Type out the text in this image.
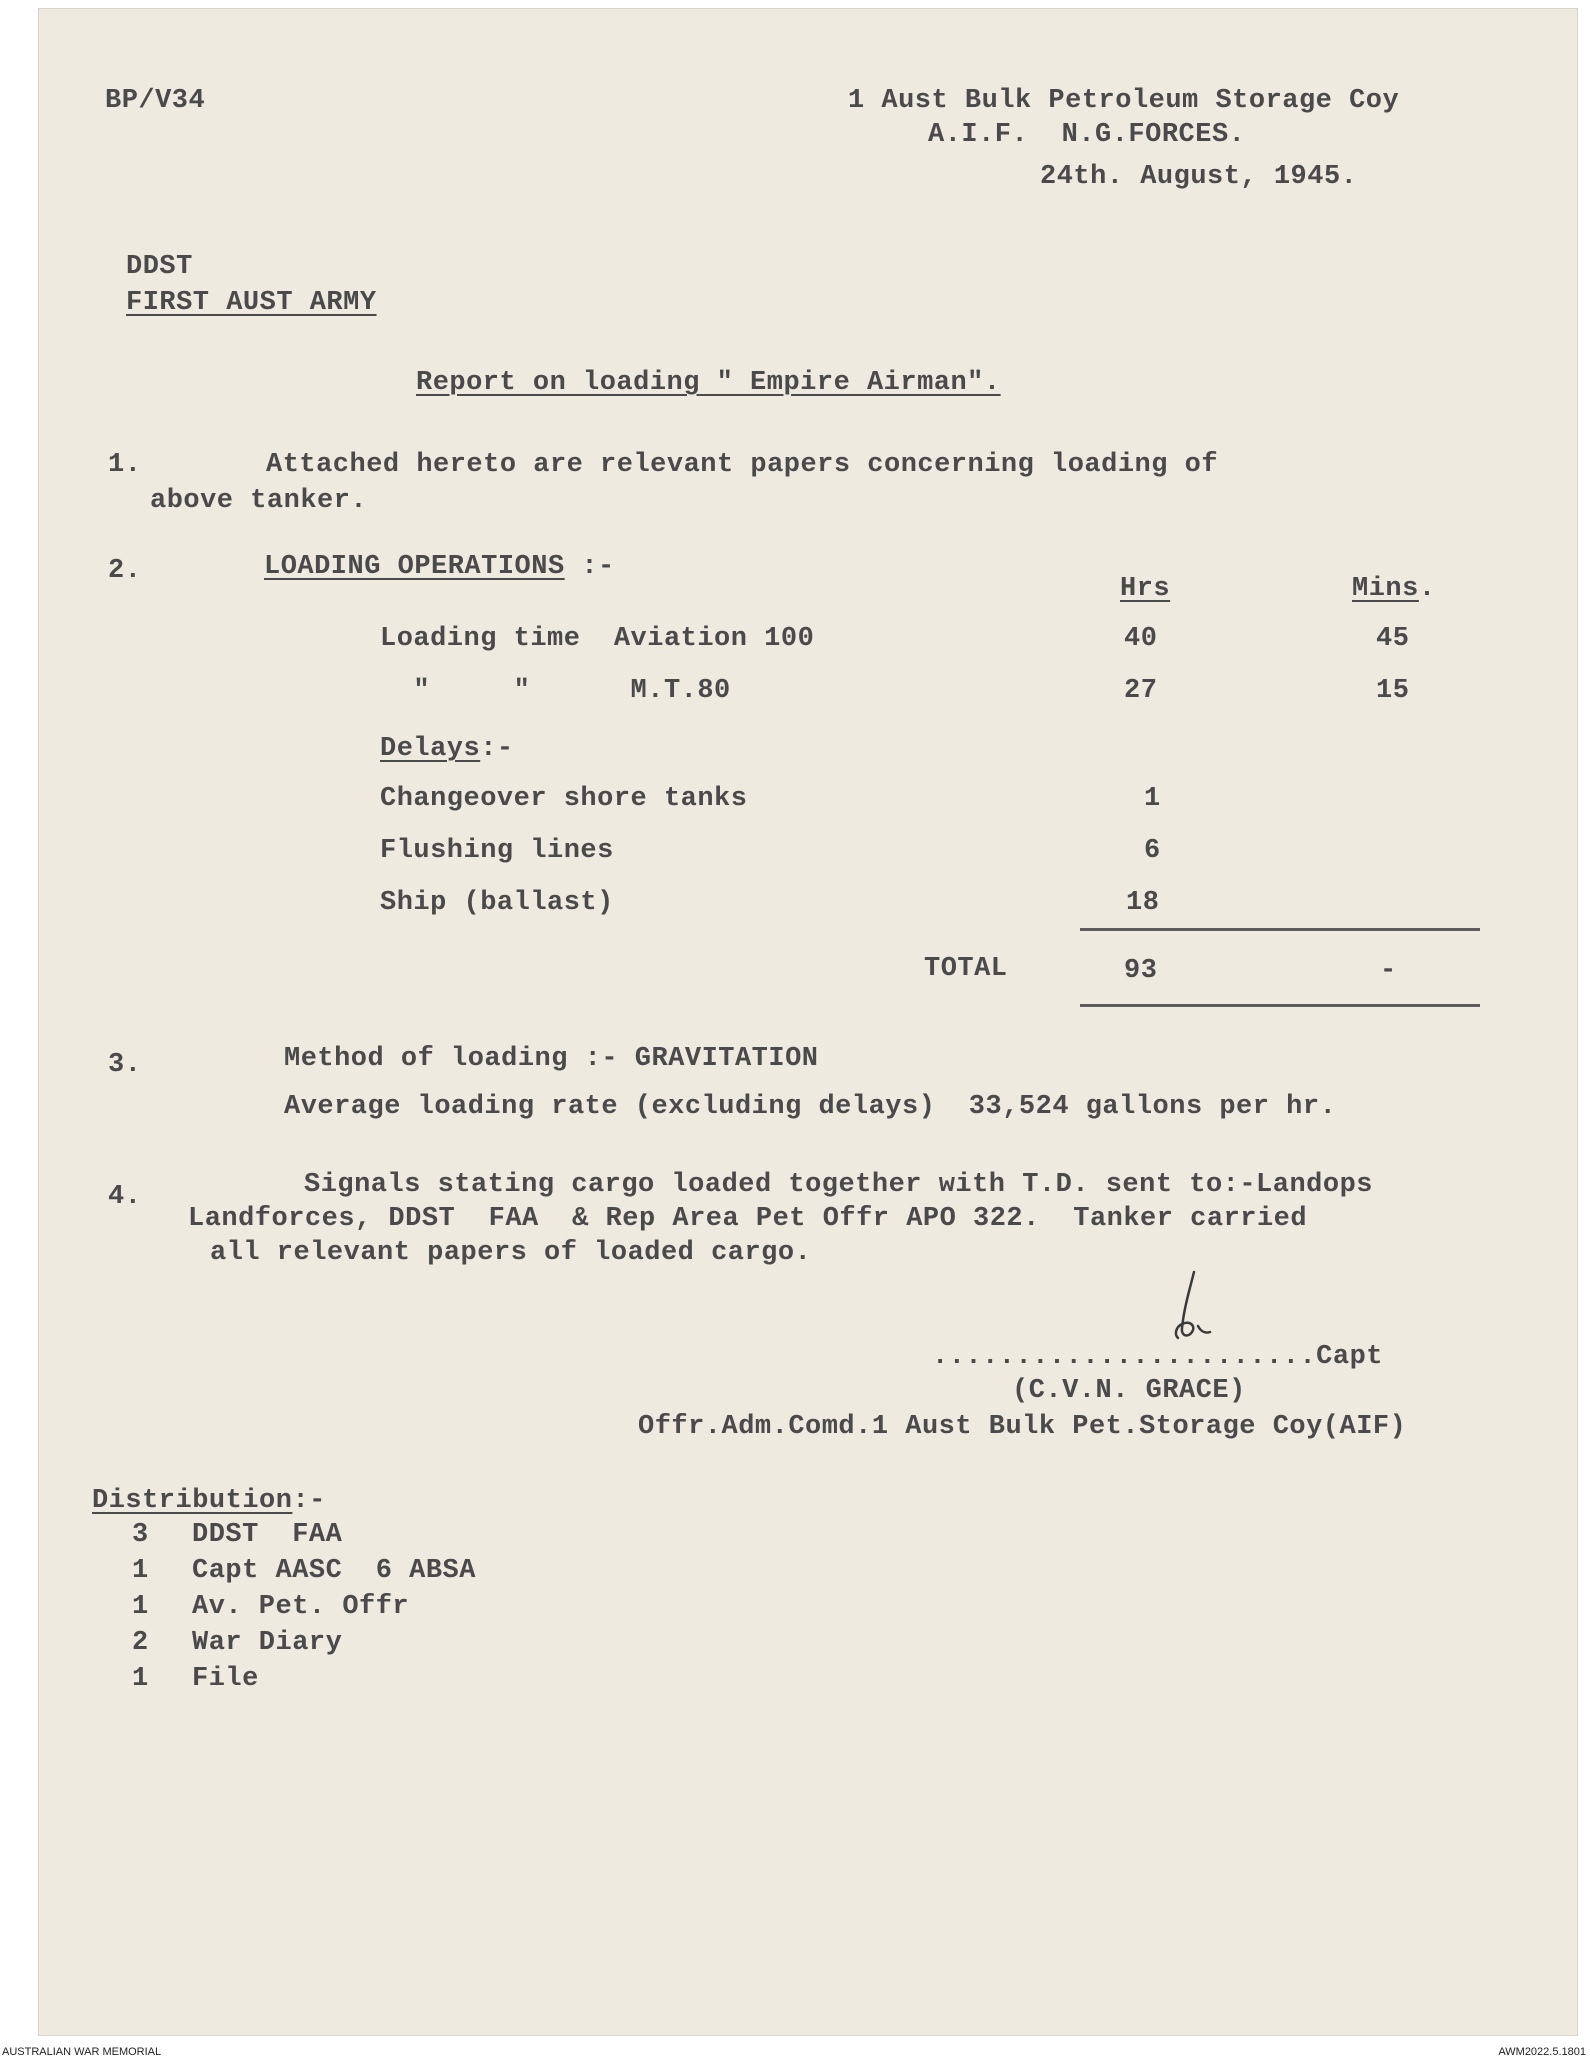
BP/V34	1 Aust Bulk Petroleum Storage Coy
A.I.F.  N.G.FORCES.
24th. August, 1945.
DDST
FIRST AUST ARMY
Report on loading " Empire Airman".
1.	Attached hereto are relevant papers concerning loading of
above tanker.
2.	LOADING OPERATIONS :-
Hrs	Mins.
Loading time  Aviation 100	40	45
"     "      M.T.80	27	15
Delays:-
Changeover shore tanks	1
Flushing lines	6
Ship (ballast)	18
TOTAL	93	-
3.	Method of loading :- GRAVITATION
Average loading rate (excluding delays)  33,524 gallons per hr.
4.	Signals stating cargo loaded together with T.D. sent to:-Landops
Landforces, DDST  FAA  & Rep Area Pet Offr APO 322.  Tanker carried
all relevant papers of loaded cargo.
.......................Capt
(C.V.N. GRACE)
Offr.Adm.Comd.1 Aust Bulk Pet.Storage Coy(AIF)
Distribution:-
3 DDST  FAA
1 Capt AASC  6 ABSA
1 Av. Pet. Offr
2 War Diary
1 File
AUSTRALIAN WAR MEMORIAL	AWM2022.5.1801
